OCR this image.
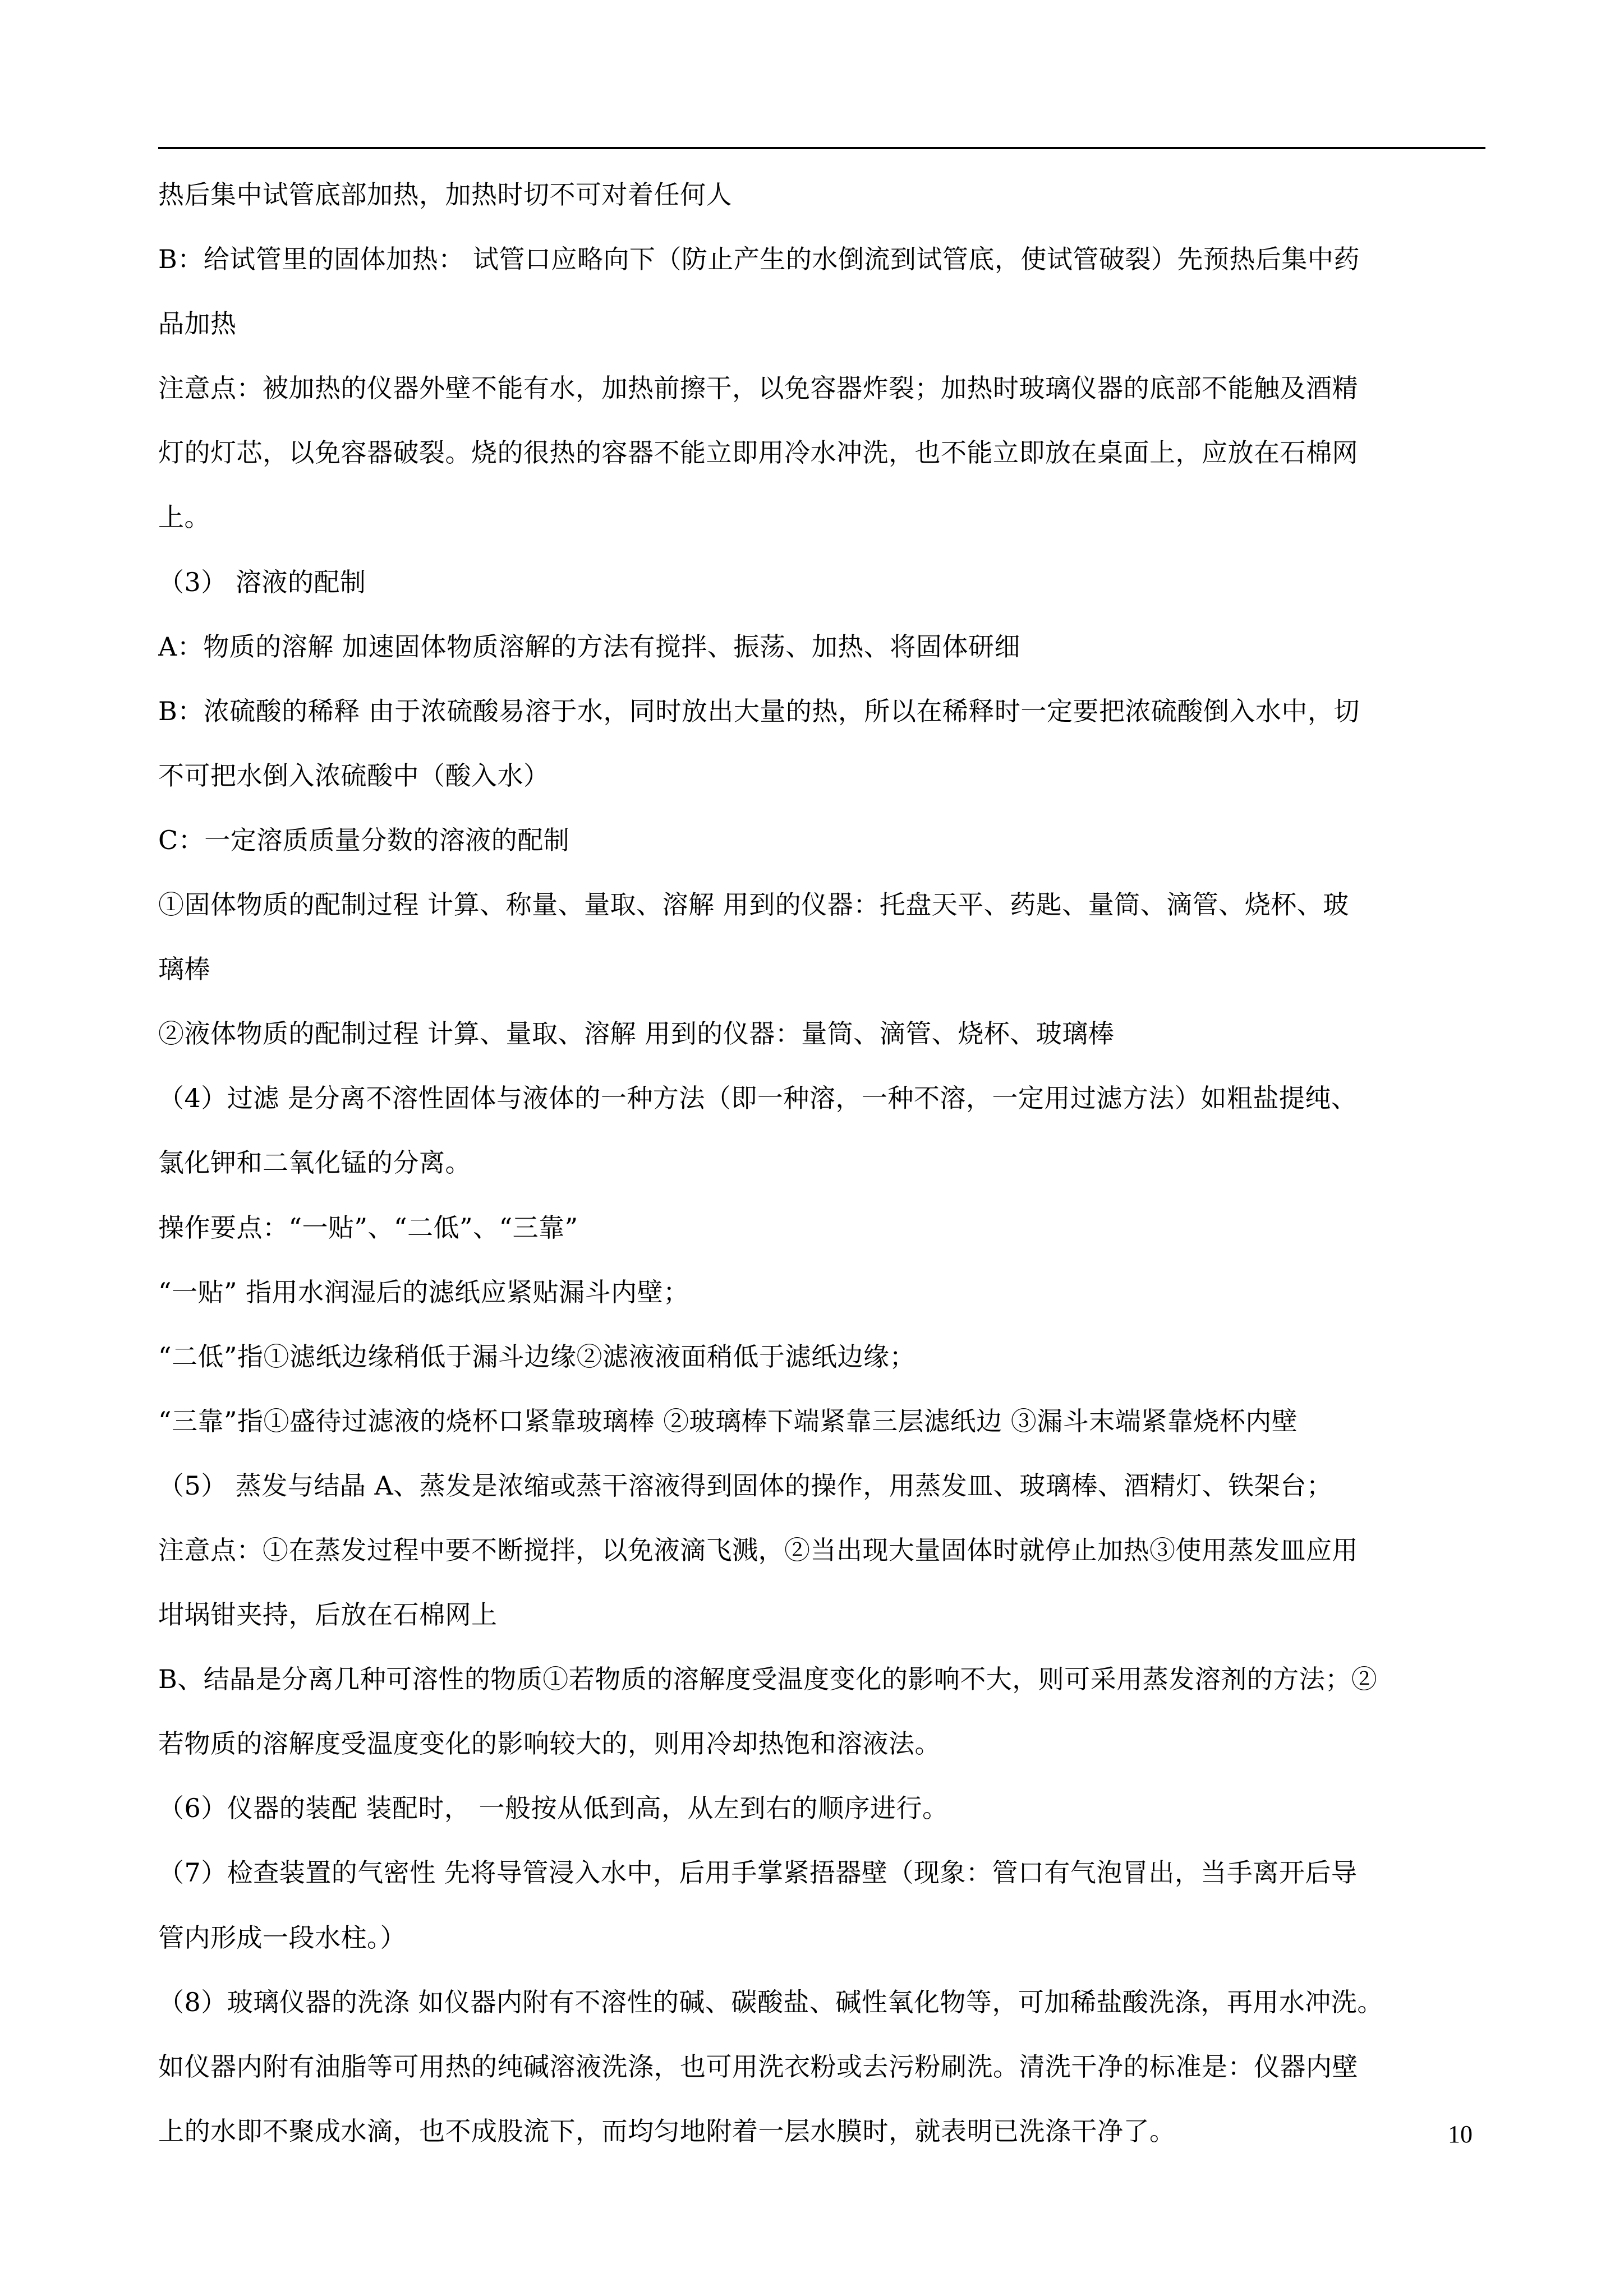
热后集中试管底部加热，加热时切不可对着任何人
B：给试管里的固体加热： 试管口应略向下（防止产生的水倒流到试管底，使试管破裂）先预热后集中药
品加热
注意点：被加热的仪器外壁不能有水，加热前擦干，以免容器炸裂；加热时玻璃仪器的底部不能触及酒精
灯的灯芯，以免容器破裂。烧的很热的容器不能立即用冷水冲洗，也不能立即放在桌面上，应放在石棉网
上。
（3） 溶液的配制
A：物质的溶解 加速固体物质溶解的方法有搅拌、振荡、加热、将固体研细
B：浓硫酸的稀释 由于浓硫酸易溶于水，同时放出大量的热，所以在稀释时一定要把浓硫酸倒入水中，切
不可把水倒入浓硫酸中（酸入水）
C：一定溶质质量分数的溶液的配制
①固体物质的配制过程 计算、称量、量取、溶解 用到的仪器：托盘天平、药匙、量筒、滴管、烧杯、玻
璃棒
②液体物质的配制过程 计算、量取、溶解 用到的仪器：量筒、滴管、烧杯、玻璃棒
（4）过滤 是分离不溶性固体与液体的一种方法（即一种溶，一种不溶，一定用过滤方法）如粗盐提纯、
氯化钾和二氧化锰的分离。
操作要点：“一贴”、“二低”、“三靠”
“一贴” 指用水润湿后的滤纸应紧贴漏斗内壁；
“二低”指①滤纸边缘稍低于漏斗边缘②滤液液面稍低于滤纸边缘；
“三靠”指①盛待过滤液的烧杯口紧靠玻璃棒 ②玻璃棒下端紧靠三层滤纸边 ③漏斗末端紧靠烧杯内壁
（5） 蒸发与结晶 A、蒸发是浓缩或蒸干溶液得到固体的操作，用蒸发皿、玻璃棒、酒精灯、铁架台；
注意点：①在蒸发过程中要不断搅拌，以免液滴飞溅，②当出现大量固体时就停止加热③使用蒸发皿应用
坩埚钳夹持，后放在石棉网上
B、结晶是分离几种可溶性的物质①若物质的溶解度受温度变化的影响不大，则可采用蒸发溶剂的方法；②
若物质的溶解度受温度变化的影响较大的，则用冷却热饱和溶液法。
（6）仪器的装配 装配时， 一般按从低到高，从左到右的顺序进行。
（7）检查装置的气密性 先将导管浸入水中，后用手掌紧捂器壁（现象：管口有气泡冒出，当手离开后导
管内形成一段水柱。）
（8）玻璃仪器的洗涤 如仪器内附有不溶性的碱、碳酸盐、碱性氧化物等，可加稀盐酸洗涤，再用水冲洗。
如仪器内附有油脂等可用热的纯碱溶液洗涤，也可用洗衣粉或去污粉刷洗。清洗干净的标准是：仪器内壁
上的水即不聚成水滴，也不成股流下，而均匀地附着一层水膜时，就表明已洗涤干净了。	10
